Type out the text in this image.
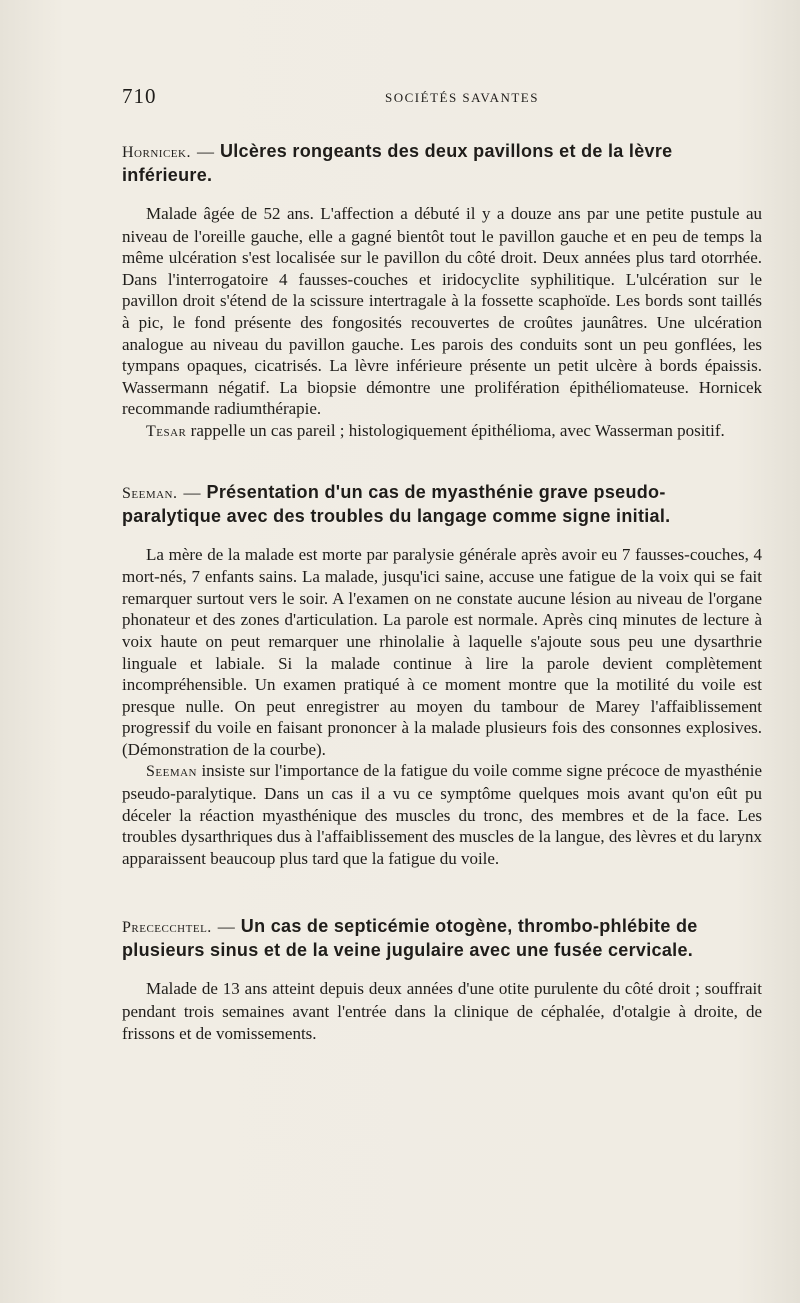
710	SOCIÉTÉS SAVANTES

Hornicek. — Ulcères rongeants des deux pavillons et de la lèvre inférieure.

Malade âgée de 52 ans. L'affection a débuté il y a douze ans par une petite pustule au niveau de l'oreille gauche, elle a gagné bientôt tout le pavillon gauche et en peu de temps la même ulcération s'est localisée sur le pavillon du côté droit. Deux années plus tard otorrhée. Dans l'interrogatoire 4 fausses-couches et iridocyclite syphilitique. L'ulcération sur le pavillon droit s'étend de la scissure intertragale à la fossette scaphoïde. Les bords sont taillés à pic, le fond présente des fongosités recouvertes de croûtes jaunâtres. Une ulcération analogue au niveau du pavillon gauche. Les parois des conduits sont un peu gonflées, les tympans opaques, cicatrisés. La lèvre inférieure présente un petit ulcère à bords épaissis. Wassermann négatif. La biopsie démontre une prolifération épithéliomateuse. Hornicek recommande radiumthérapie.

Tesar rappelle un cas pareil ; histologiquement épithélioma, avec Wasserman positif.

Seeman. — Présentation d'un cas de myasthénie grave pseudo-paralytique avec des troubles du langage comme signe initial.

La mère de la malade est morte par paralysie générale après avoir eu 7 fausses-couches, 4 mort-nés, 7 enfants sains. La malade, jusqu'ici saine, accuse une fatigue de la voix qui se fait remarquer surtout vers le soir. A l'examen on ne constate aucune lésion au niveau de l'organe phonateur et des zones d'articulation. La parole est normale. Après cinq minutes de lecture à voix haute on peut remarquer une rhinolalie à laquelle s'ajoute sous peu une dysarthrie linguale et labiale. Si la malade continue à lire la parole devient complètement incompréhensible. Un examen pratiqué à ce moment montre que la motilité du voile est presque nulle. On peut enregistrer au moyen du tambour de Marey l'affaiblissement progressif du voile en faisant prononcer à la malade plusieurs fois des consonnes explosives. (Démonstration de la courbe).

Seeman insiste sur l'importance de la fatigue du voile comme signe précoce de myasthénie pseudo-paralytique. Dans un cas il a vu ce symptôme quelques mois avant qu'on eût pu déceler la réaction myasthénique des muscles du tronc, des membres et de la face. Les troubles dysarthriques dus à l'affaiblissement des muscles de la langue, des lèvres et du larynx apparaissent beaucoup plus tard que la fatigue du voile.

Prececchtel. — Un cas de septicémie otogène, thrombo-phlébite de plusieurs sinus et de la veine jugulaire avec une fusée cervicale.

Malade de 13 ans atteint depuis deux années d'une otite purulente du côté droit ; souffrait pendant trois semaines avant l'entrée dans la clinique de céphalée, d'otalgie à droite, de frissons et de vomissements.
